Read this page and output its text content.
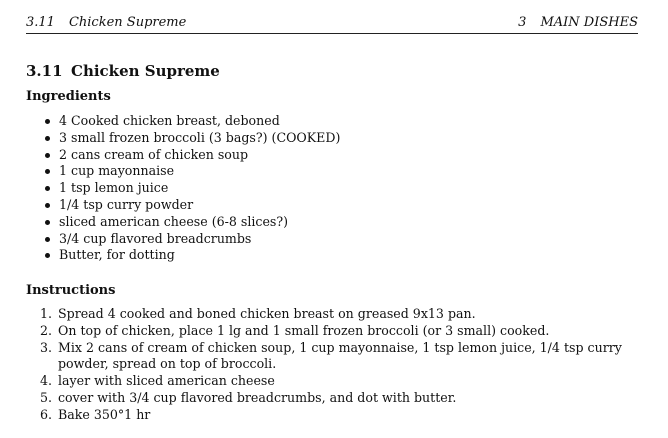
3.11 Chicken Supreme	3 MAIN DISHES
3.11 Chicken Supreme
Ingredients
4 Cooked chicken breast, deboned
3 small frozen broccoli (3 bags?) (COOKED)
2 cans cream of chicken soup
1 cup mayonnaise
1 tsp lemon juice
1/4 tsp curry powder
sliced american cheese (6-8 slices?)
3/4 cup flavored breadcrumbs
Butter, for dotting
Instructions
1. Spread 4 cooked and boned chicken breast on greased 9x13 pan.
2. On top of chicken, place 1 lg and 1 small frozen broccoli (or 3 small) cooked.
3. Mix 2 cans of cream of chicken soup, 1 cup mayonnaise, 1 tsp lemon juice, 1/4 tsp curry powder, spread on top of broccoli.
4. layer with sliced american cheese
5. cover with 3/4 cup flavored breadcrumbs, and dot with butter.
6. Bake 350°1 hr
